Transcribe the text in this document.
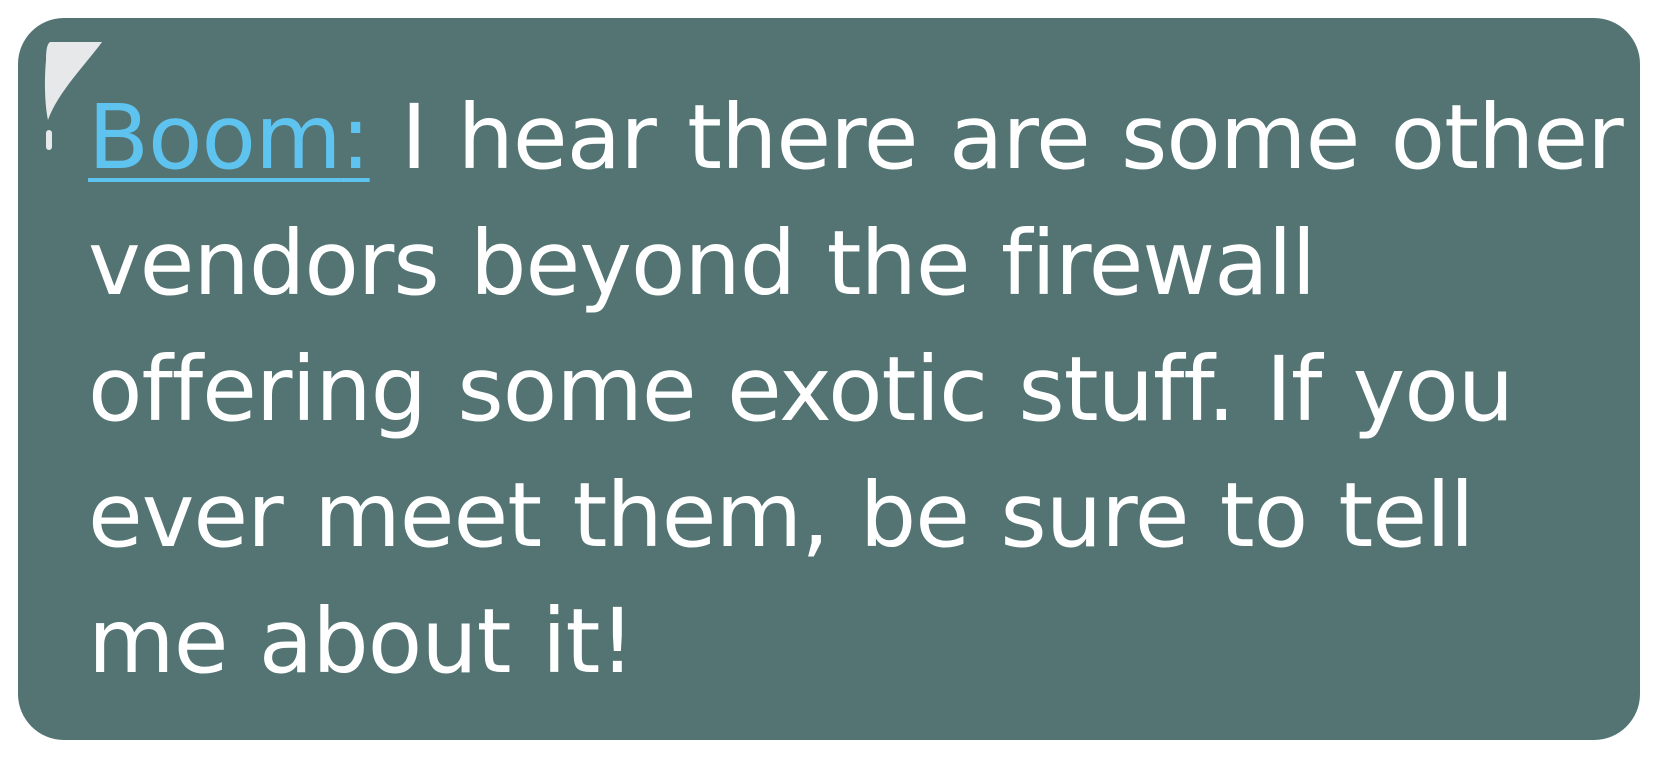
Boom: I hear there are some other vendors beyond the firewall offering some exotic stuff. If you ever meet them, be sure to tell me about it!
